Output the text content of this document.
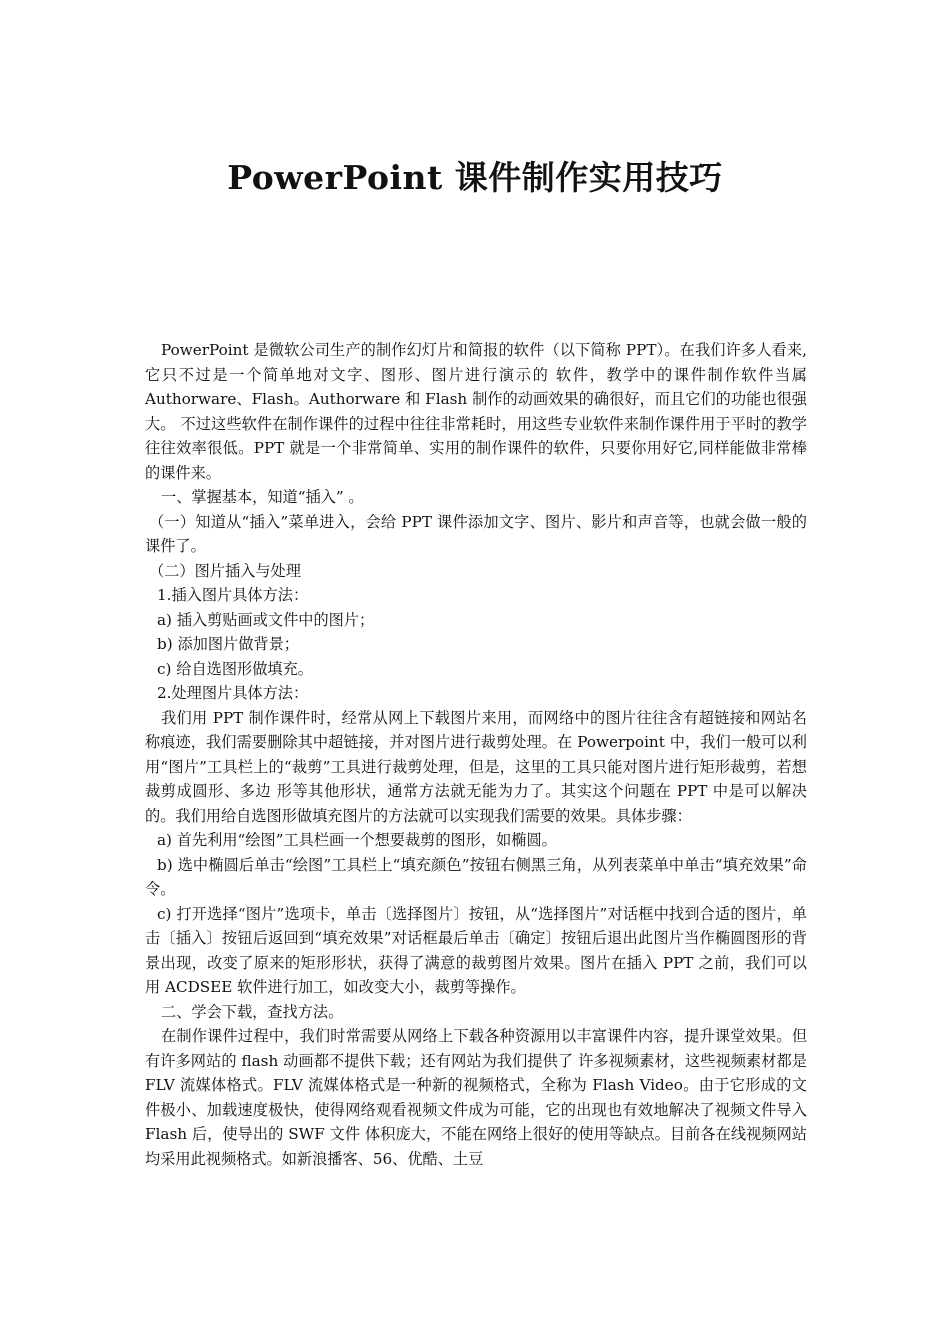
PowerPoint 课件制作实用技巧

PowerPoint 是微软公司生产的制作幻灯片和简报的软件（以下简称 PPT）。在我们许多人看来,它只不过是一个简单地对文字、图形、图片进行演示的 软件，教学中的课件制作软件当属 Authorware、Flash。Authorware 和 Flash 制作的动画效果的确很好，而且它们的功能也很强大。 不过这些软件在制作课件的过程中往往非常耗时，用这些专业软件来制作课件用于平时的教学往往效率很低。PPT 就是一个非常简单、实用的制作课件的软件，只要你用好它,同样能做非常棒的课件来。

一、掌握基本，知道“插入” 。

（一）知道从“插入”菜单进入，会给 PPT 课件添加文字、图片、影片和声音等，也就会做一般的课件了。

（二）图片插入与处理

1.插入图片具体方法：

a) 插入剪贴画或文件中的图片；

b) 添加图片做背景；

c) 给自选图形做填充。

2.处理图片具体方法：

我们用 PPT 制作课件时，经常从网上下载图片来用，而网络中的图片往往含有超链接和网站名称痕迹，我们需要删除其中超链接，并对图片进行裁剪处理。在 Powerpoint 中，我们一般可以利用“图片”工具栏上的“裁剪”工具进行裁剪处理，但是，这里的工具只能对图片进行矩形裁剪，若想裁剪成圆形、多边 形等其他形状，通常方法就无能为力了。其实这个问题在 PPT 中是可以解决的。我们用给自选图形做填充图片的方法就可以实现我们需要的效果。具体步骤：

a) 首先利用“绘图”工具栏画一个想要裁剪的图形，如椭圆。

b) 选中椭圆后单击“绘图”工具栏上“填充颜色”按钮右侧黑三角，从列表菜单中单击“填充效果”命令。

c) 打开选择“图片”选项卡，单击〔选择图片〕按钮，从“选择图片”对话框中找到合适的图片，单击〔插入〕按钮后返回到“填充效果”对话框最后单击〔确定〕按钮后退出此图片当作椭圆图形的背景出现，改变了原来的矩形形状，获得了满意的裁剪图片效果。图片在插入 PPT 之前，我们可以用 ACDSEE 软件进行加工，如改变大小，裁剪等操作。

二、学会下载，查找方法。

在制作课件过程中，我们时常需要从网络上下载各种资源用以丰富课件内容，提升课堂效果。但有许多网站的 flash 动画都不提供下载；还有网站为我们提供了 许多视频素材，这些视频素材都是 FLV 流媒体格式。FLV 流媒体格式是一种新的视频格式，全称为 Flash Video。由于它形成的文件极小、加载速度极快，使得网络观看视频文件成为可能，它的出现也有效地解决了视频文件导入 Flash 后，使导出的 SWF 文件 体积庞大，不能在网络上很好的使用等缺点。目前各在线视频网站均采用此视频格式。如新浪播客、56、优酷、土豆
